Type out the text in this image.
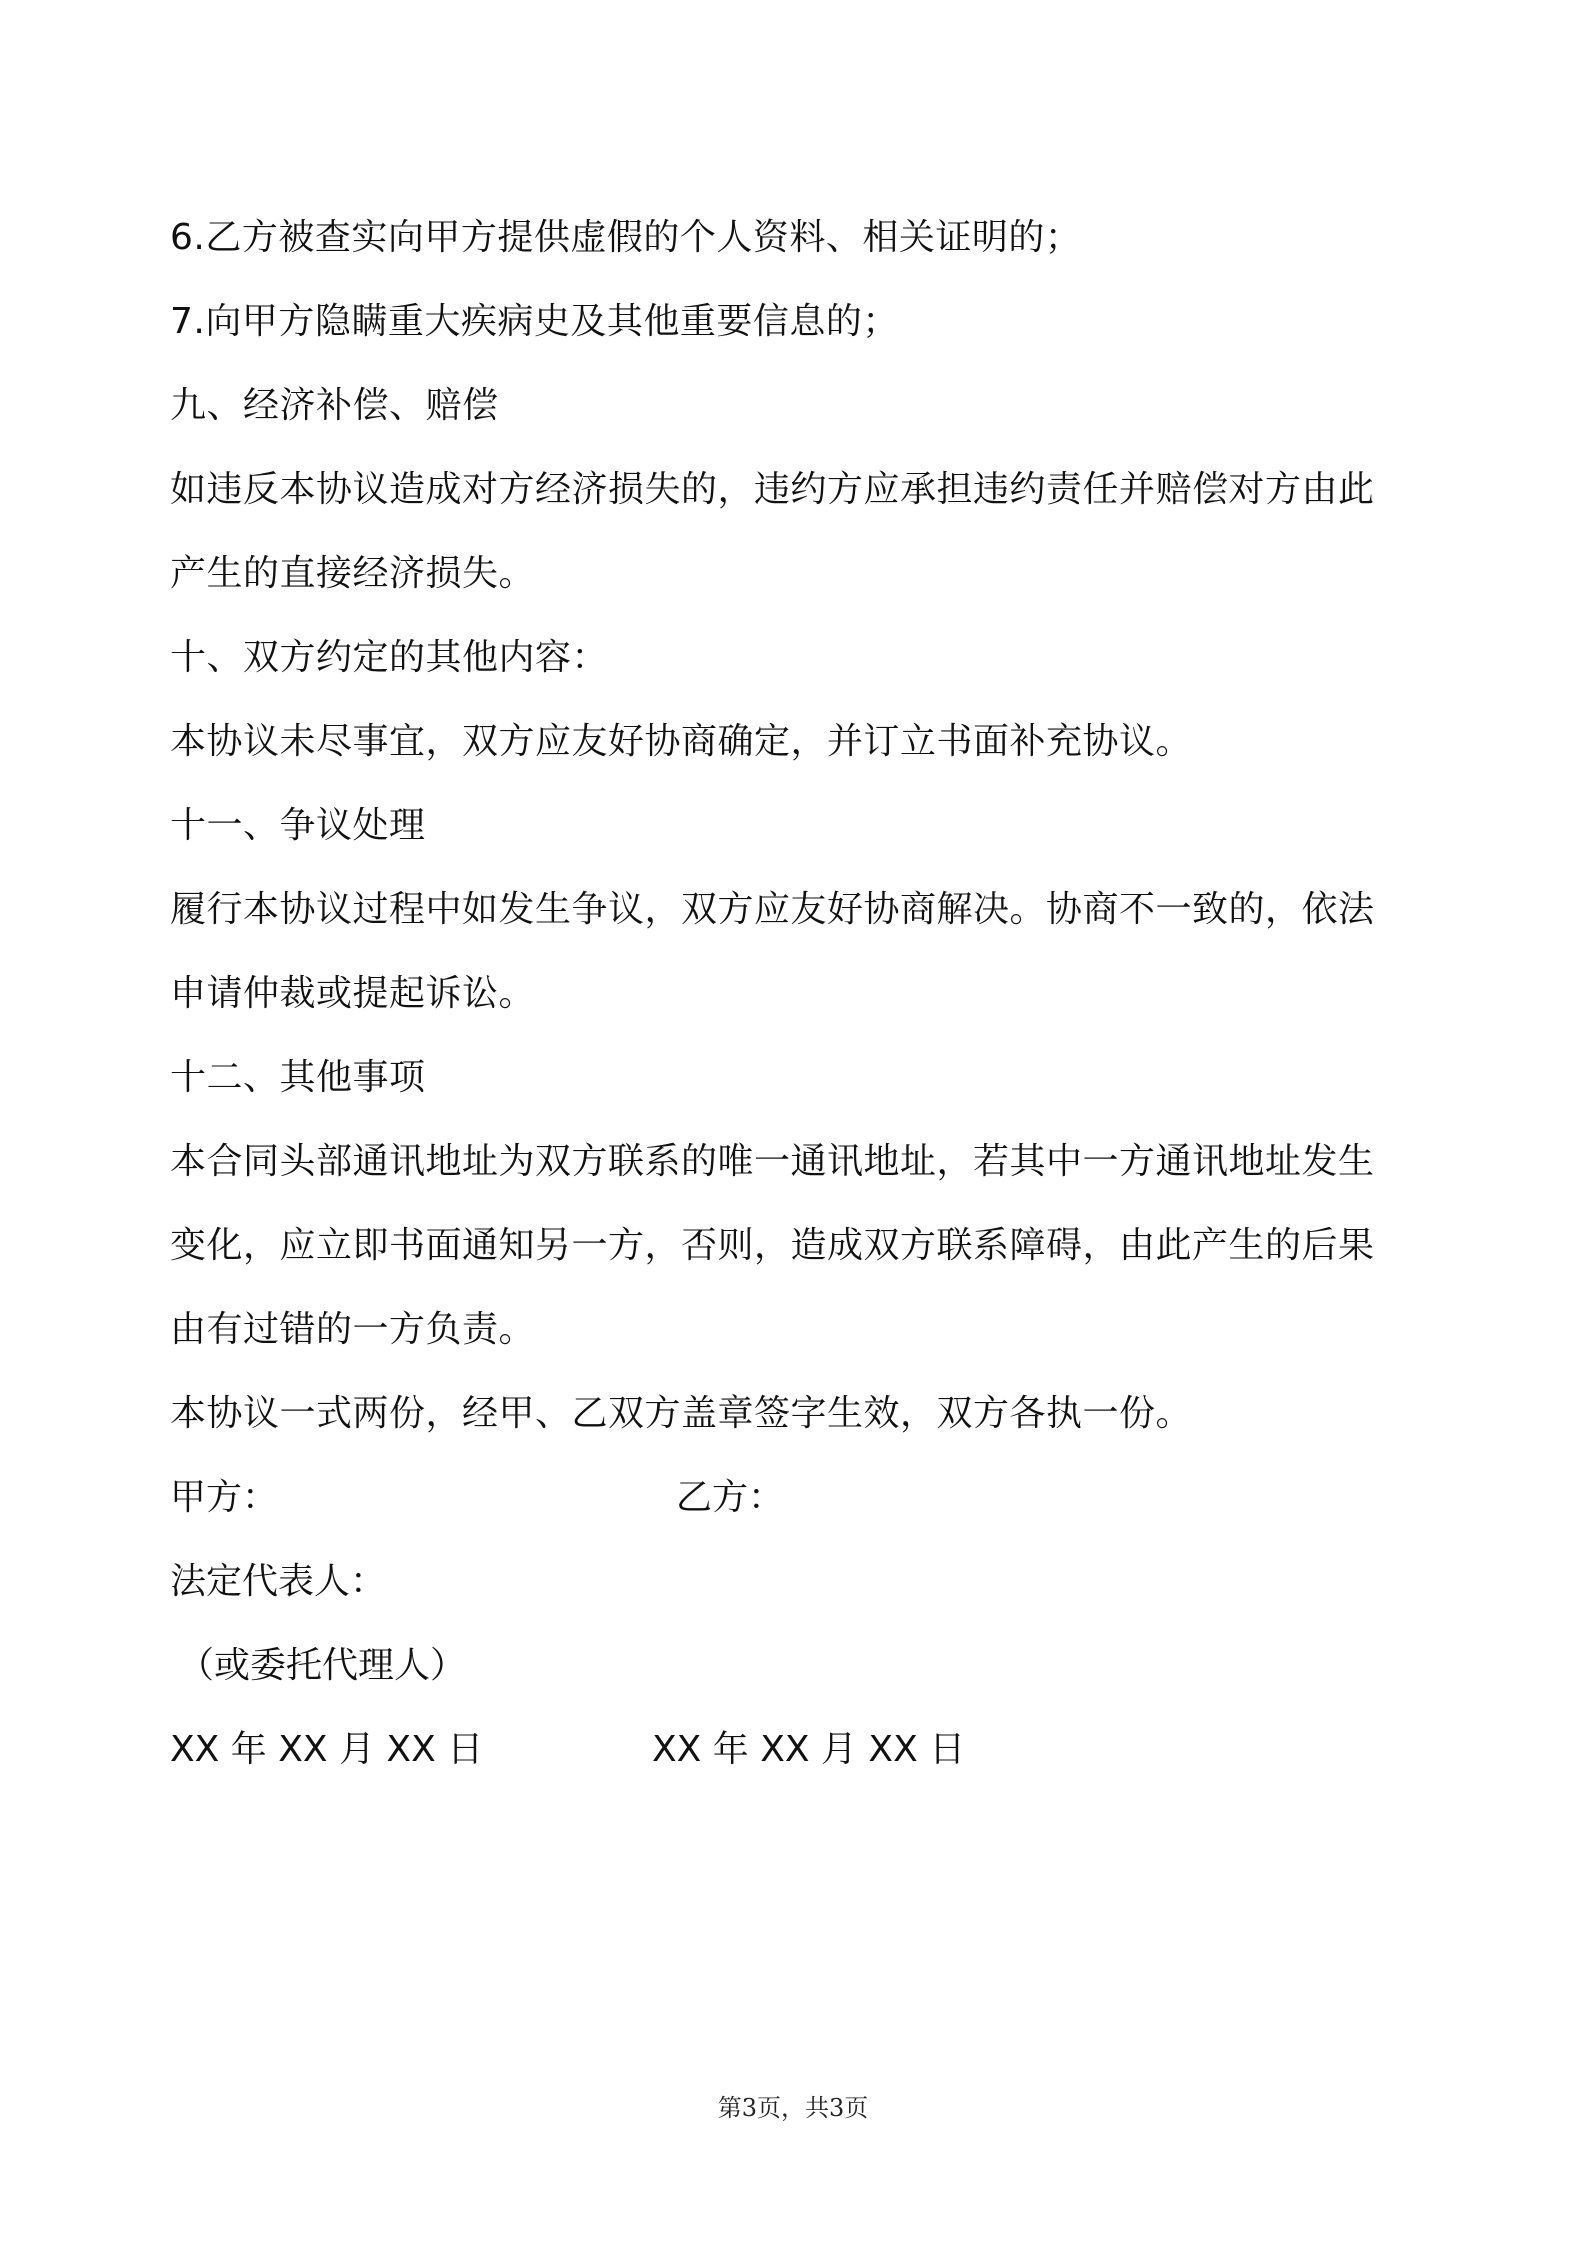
6.乙方被查实向甲方提供虚假的个人资料、相关证明的；
7.向甲方隐瞒重大疾病史及其他重要信息的；
九、经济补偿、赔偿
如违反本协议造成对方经济损失的，违约方应承担违约责任并赔偿对方由此
产生的直接经济损失。
十、双方约定的其他内容：
本协议未尽事宜，双方应友好协商确定，并订立书面补充协议。
十一、争议处理
履行本协议过程中如发生争议，双方应友好协商解决。协商不一致的，依法
申请仲裁或提起诉讼。
十二、其他事项
本合同头部通讯地址为双方联系的唯一通讯地址，若其中一方通讯地址发生
变化，应立即书面通知另一方，否则，造成双方联系障碍，由此产生的后果
由有过错的一方负责。
本协议一式两份，经甲、乙双方盖章签字生效，双方各执一份。
甲方：	乙方：
法定代表人：
（或委托代理人）
XX 年 XX 月 XX 日	XX 年 XX 月 XX 日
第3页，共3页
